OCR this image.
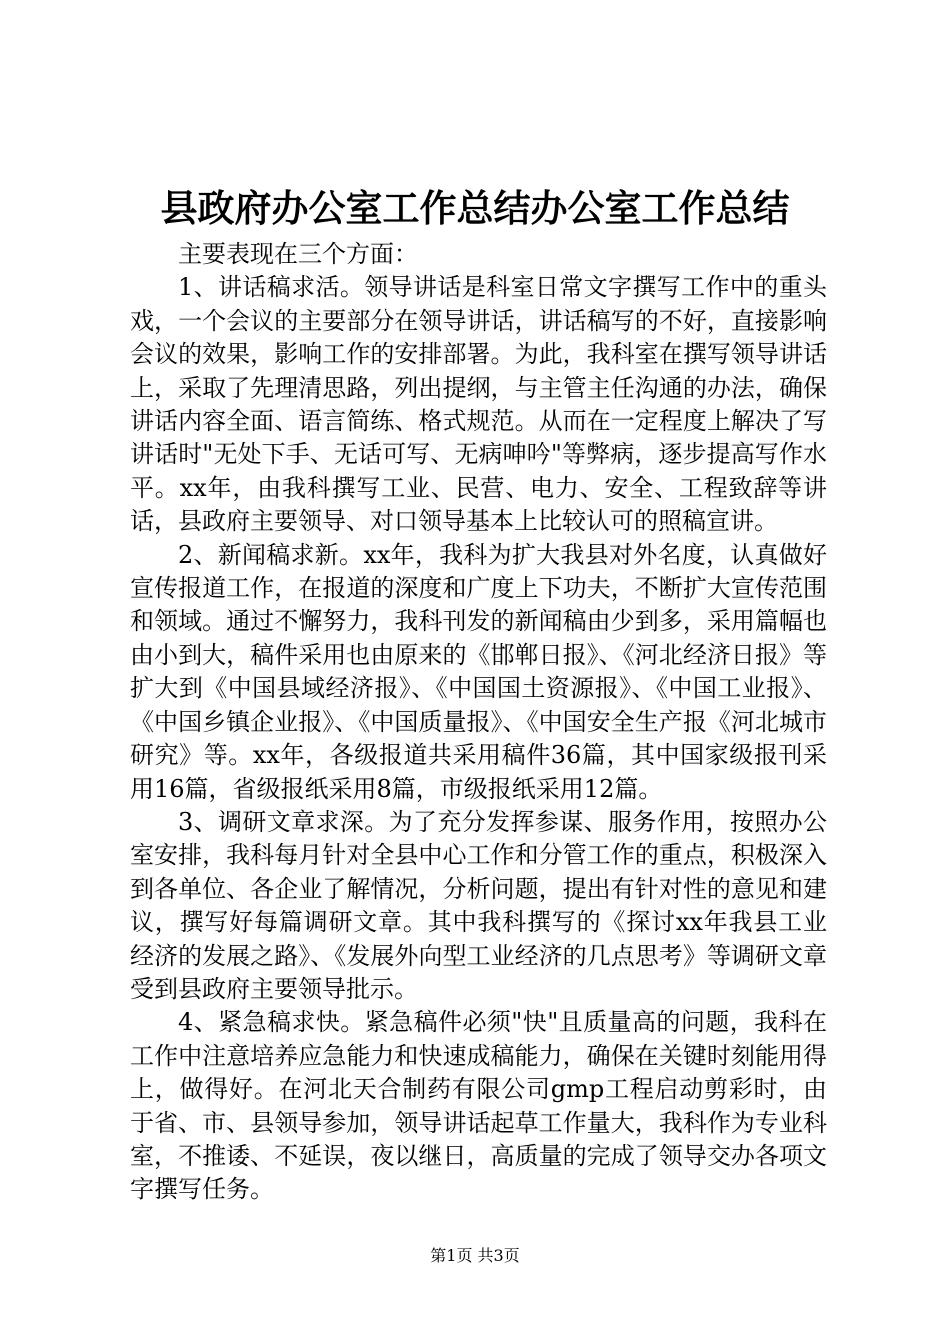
县政府办公室工作总结办公室工作总结

主要表现在三个方面：

1、讲话稿求活。领导讲话是科室日常文字撰写工作中的重头戏，一个会议的主要部分在领导讲话，讲话稿写的不好，直接影响会议的效果，影响工作的安排部署。为此，我科室在撰写领导讲话上，采取了先理清思路，列出提纲，与主管主任沟通的办法，确保讲话内容全面、语言简练、格式规范。从而在一定程度上解决了写讲话时"无处下手、无话可写、无病呻吟"等弊病，逐步提高写作水平。xx年，由我科撰写工业、民营、电力、安全、工程致辞等讲话，县政府主要领导、对口领导基本上比较认可的照稿宣讲。

2、新闻稿求新。xx年，我科为扩大我县对外名度，认真做好宣传报道工作，在报道的深度和广度上下功夫，不断扩大宣传范围和领域。通过不懈努力，我科刊发的新闻稿由少到多，采用篇幅也由小到大，稿件采用也由原来的《邯郸日报》、《河北经济日报》等扩大到《中国县域经济报》、《中国国土资源报》、《中国工业报》、《中国乡镇企业报》、《中国质量报》、《中国安全生产报《河北城市研究》等。xx年，各级报道共采用稿件36篇，其中国家级报刊采用16篇，省级报纸采用8篇，市级报纸采用12篇。

3、调研文章求深。为了充分发挥参谋、服务作用，按照办公室安排，我科每月针对全县中心工作和分管工作的重点，积极深入到各单位、各企业了解情况，分析问题，提出有针对性的意见和建议，撰写好每篇调研文章。其中我科撰写的《探讨xx年我县工业经济的发展之路》、《发展外向型工业经济的几点思考》等调研文章受到县政府主要领导批示。

4、紧急稿求快。紧急稿件必须"快"且质量高的问题，我科在工作中注意培养应急能力和快速成稿能力，确保在关键时刻能用得上，做得好。在河北天合制药有限公司gmp工程启动剪彩时，由于省、市、县领导参加，领导讲话起草工作量大，我科作为专业科室，不推诿、不延误，夜以继日，高质量的完成了领导交办各项文字撰写任务。

第1页 共3页
